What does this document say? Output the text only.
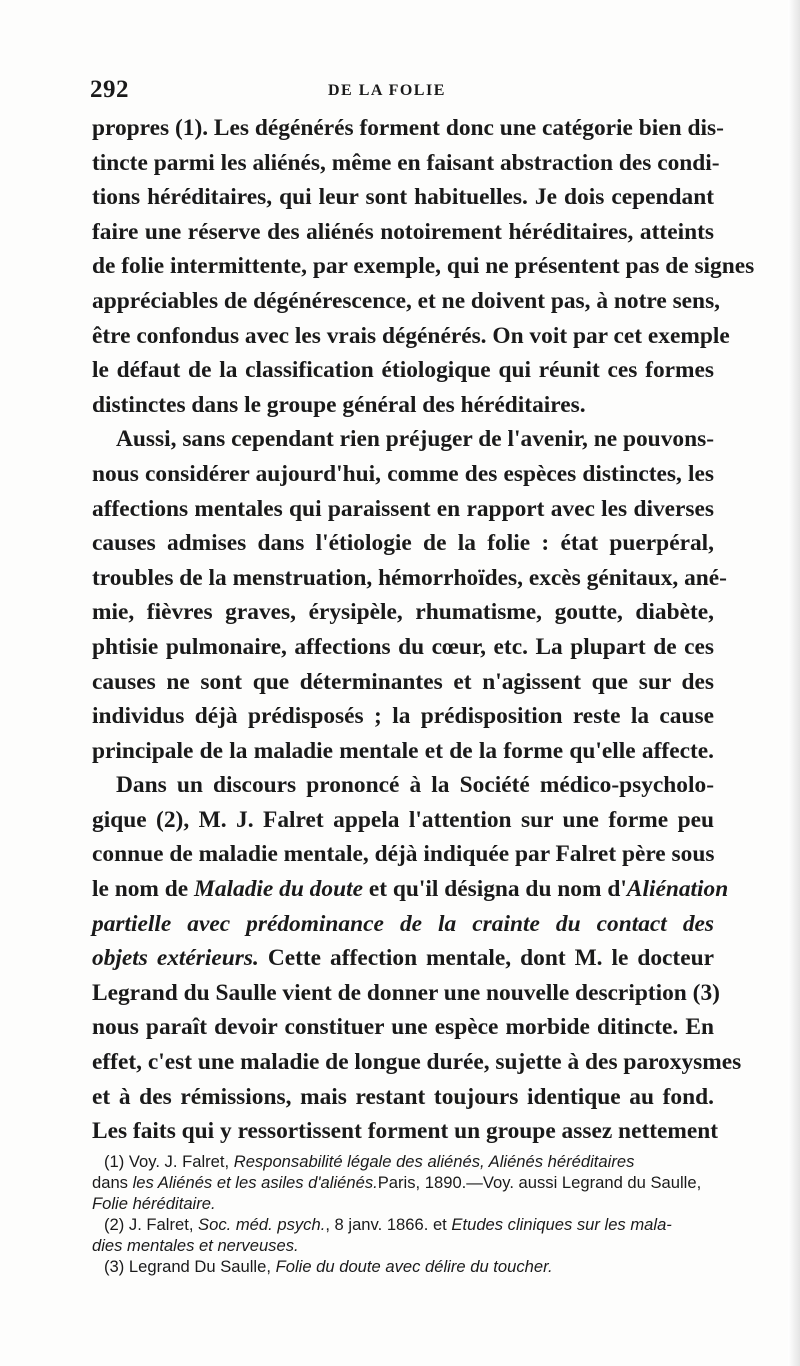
292	DE LA FOLIE
propres (1). Les dégénérés forment donc une catégorie bien dis-
tincte parmi les aliénés, même en faisant abstraction des condi-
tions héréditaires, qui leur sont habituelles. Je dois cependant
faire une réserve des aliénés notoirement héréditaires, atteints
de folie intermittente, par exemple, qui ne présentent pas de signes
appréciables de dégénérescence, et ne doivent pas, à notre sens,
être confondus avec les vrais dégénérés. On voit par cet exemple
le défaut de la classification étiologique qui réunit ces formes
distinctes dans le groupe général des héréditaires.
Aussi, sans cependant rien préjuger de l'avenir, ne pouvons-
nous considérer aujourd'hui, comme des espèces distinctes, les
affections mentales qui paraissent en rapport avec les diverses
causes admises dans l'étiologie de la folie : état puerpéral,
troubles de la menstruation, hémorrhoïdes, excès génitaux, ané-
mie, fièvres graves, érysipèle, rhumatisme, goutte, diabète,
phtisie pulmonaire, affections du cœur, etc. La plupart de ces
causes ne sont que déterminantes et n'agissent que sur des
individus déjà prédisposés ; la prédisposition reste la cause
principale de la maladie mentale et de la forme qu'elle affecte.
Dans un discours prononcé à la Société médico-psycholo-
gique (2), M. J. Falret appela l'attention sur une forme peu
connue de maladie mentale, déjà indiquée par Falret père sous
le nom de Maladie du doute et qu'il désigna du nom d'Aliénation
partielle avec prédominance de la crainte du contact des
objets extérieurs. Cette affection mentale, dont M. le docteur
Legrand du Saulle vient de donner une nouvelle description (3)
nous paraît devoir constituer une espèce morbide ditincte. En
effet, c'est une maladie de longue durée, sujette à des paroxysmes
et à des rémissions, mais restant toujours identique au fond.
Les faits qui y ressortissent forment un groupe assez nettement
(1) Voy. J. Falret, Responsabilité légale des aliénés, Aliénés héréditaires
dans les Aliénés et les asiles d'aliénés.Paris, 1890.—Voy. aussi Legrand du Saulle,
Folie héréditaire.
(2) J. Falret, Soc. méd. psych., 8 janv. 1866. et Etudes cliniques sur les mala-
dies mentales et nerveuses.
(3) Legrand Du Saulle, Folie du doute avec délire du toucher.
